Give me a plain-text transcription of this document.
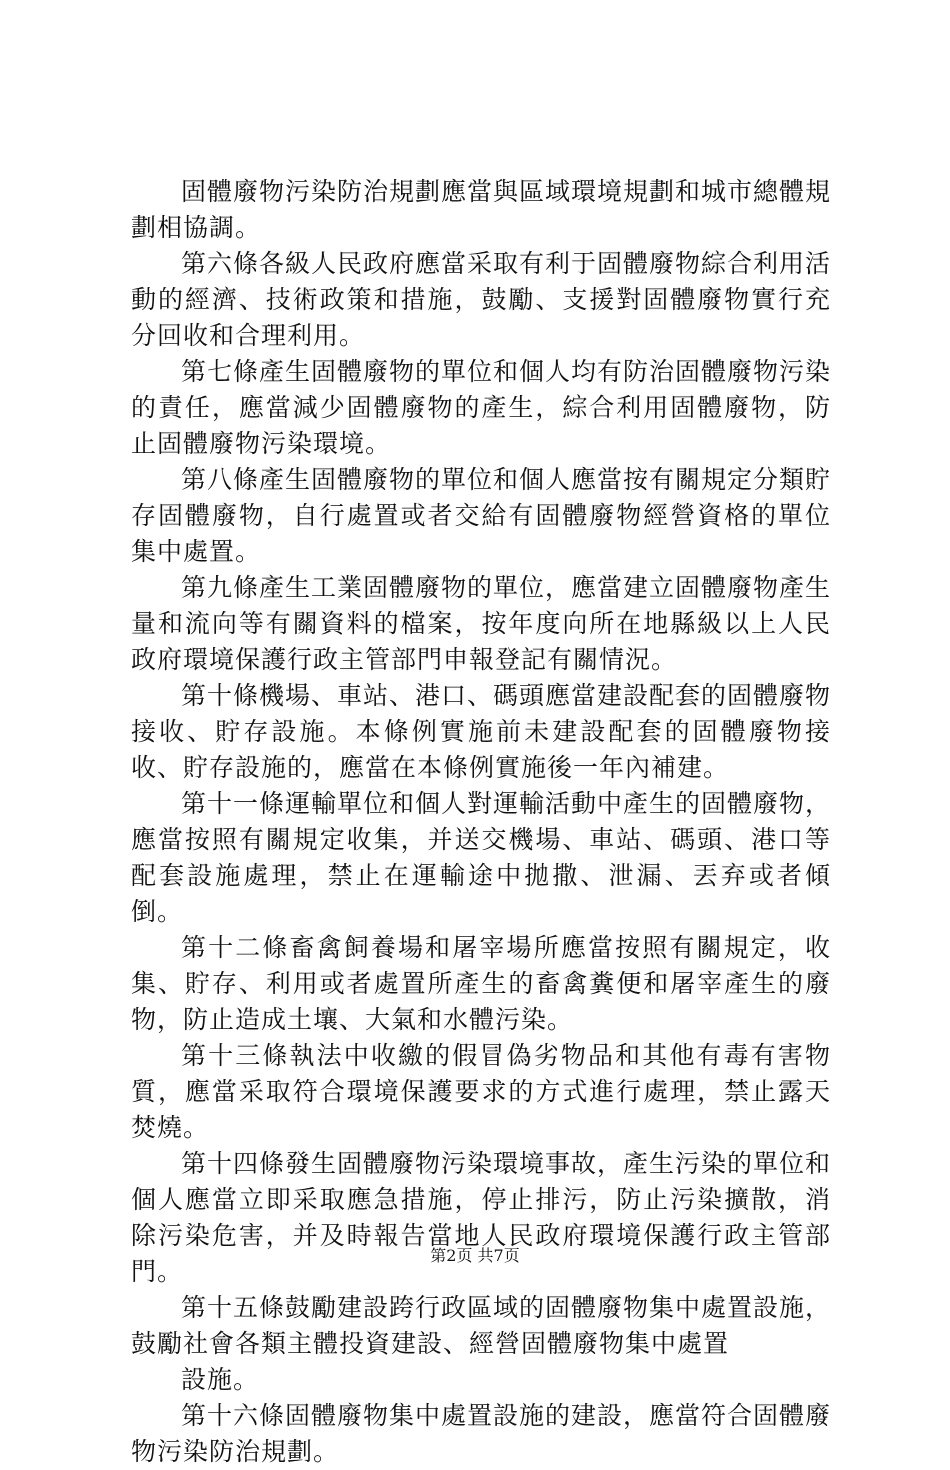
固體廢物污染防治規劃應當與區域環境規劃和城市總體規劃相協調。

第六條各級人民政府應當采取有利于固體廢物綜合利用活動的經濟、技術政策和措施，鼓勵、支援對固體廢物實行充分回收和合理利用。

第七條產生固體廢物的單位和個人均有防治固體廢物污染的責任，應當減少固體廢物的產生，綜合利用固體廢物，防止固體廢物污染環境。

第八條產生固體廢物的單位和個人應當按有關規定分類貯存固體廢物，自行處置或者交給有固體廢物經營資格的單位集中處置。

第九條產生工業固體廢物的單位，應當建立固體廢物產生量和流向等有關資料的檔案，按年度向所在地縣級以上人民政府環境保護行政主管部門申報登記有關情況。

第十條機場、車站、港口、碼頭應當建設配套的固體廢物接收、貯存設施。本條例實施前未建設配套的固體廢物接收、貯存設施的，應當在本條例實施後一年內補建。

第十一條運輸單位和個人對運輸活動中產生的固體廢物，應當按照有關規定收集，并送交機場、車站、碼頭、港口等配套設施處理，禁止在運輸途中拋撒、泄漏、丟弃或者傾倒。

第十二條畜禽飼養場和屠宰場所應當按照有關規定，收集、貯存、利用或者處置所產生的畜禽糞便和屠宰產生的廢物，防止造成土壤、大氣和水體污染。

第十三條執法中收繳的假冒偽劣物品和其他有毒有害物質，應當采取符合環境保護要求的方式進行處理，禁止露天焚燒。

第十四條發生固體廢物污染環境事故，產生污染的單位和個人應當立即采取應急措施，停止排污，防止污染擴散，消除污染危害，并及時報告當地人民政府環境保護行政主管部門。

第十五條鼓勵建設跨行政區域的固體廢物集中處置設施，鼓勵社會各類主體投資建設、經營固體廢物集中處置

設施。

第十六條固體廢物集中處置設施的建設，應當符合固體廢物污染防治規劃。

第2页 共7页
